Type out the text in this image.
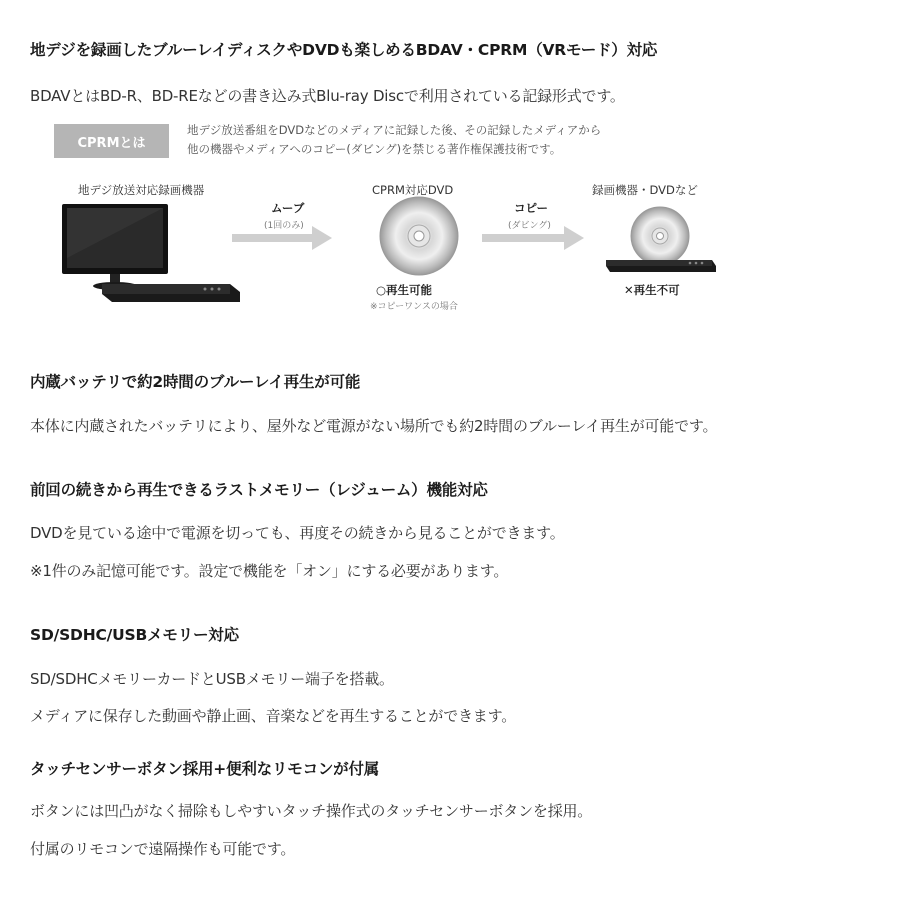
地デジを録画したブルーレイディスクやDVDも楽しめるBDAV・CPRM（VRモード）対応
BDAVとはBD-R、BD-REなどの書き込み式Blu-ray Discで利用されている記録形式です。
CPRMとは
地デジ放送番組をDVDなどのメディアに記録した後、その記録したメディアから
他の機器やメディアへのコピー(ダビング)を禁じる著作権保護技術です。
地デジ放送対応録画機器
ムーブ
(1回のみ)
CPRM対応DVD
コピー
(ダビング)
録画機器・DVDなど
○再生可能
※コピーワンスの場合
✕再生不可
内蔵バッテリで約2時間のブルーレイ再生が可能
本体に内蔵されたバッテリにより、屋外など電源がない場所でも約2時間のブルーレイ再生が可能です。
前回の続きから再生できるラストメモリー（レジューム）機能対応
DVDを見ている途中で電源を切っても、再度その続きから見ることができます。
※1件のみ記憶可能です。設定で機能を「オン」にする必要があります。
SD/SDHC/USBメモリー対応
SD/SDHCメモリーカードとUSBメモリー端子を搭載。
メディアに保存した動画や静止画、音楽などを再生することができます。
タッチセンサーボタン採用+便利なリモコンが付属
ボタンには凹凸がなく掃除もしやすいタッチ操作式のタッチセンサーボタンを採用。
付属のリモコンで遠隔操作も可能です。
